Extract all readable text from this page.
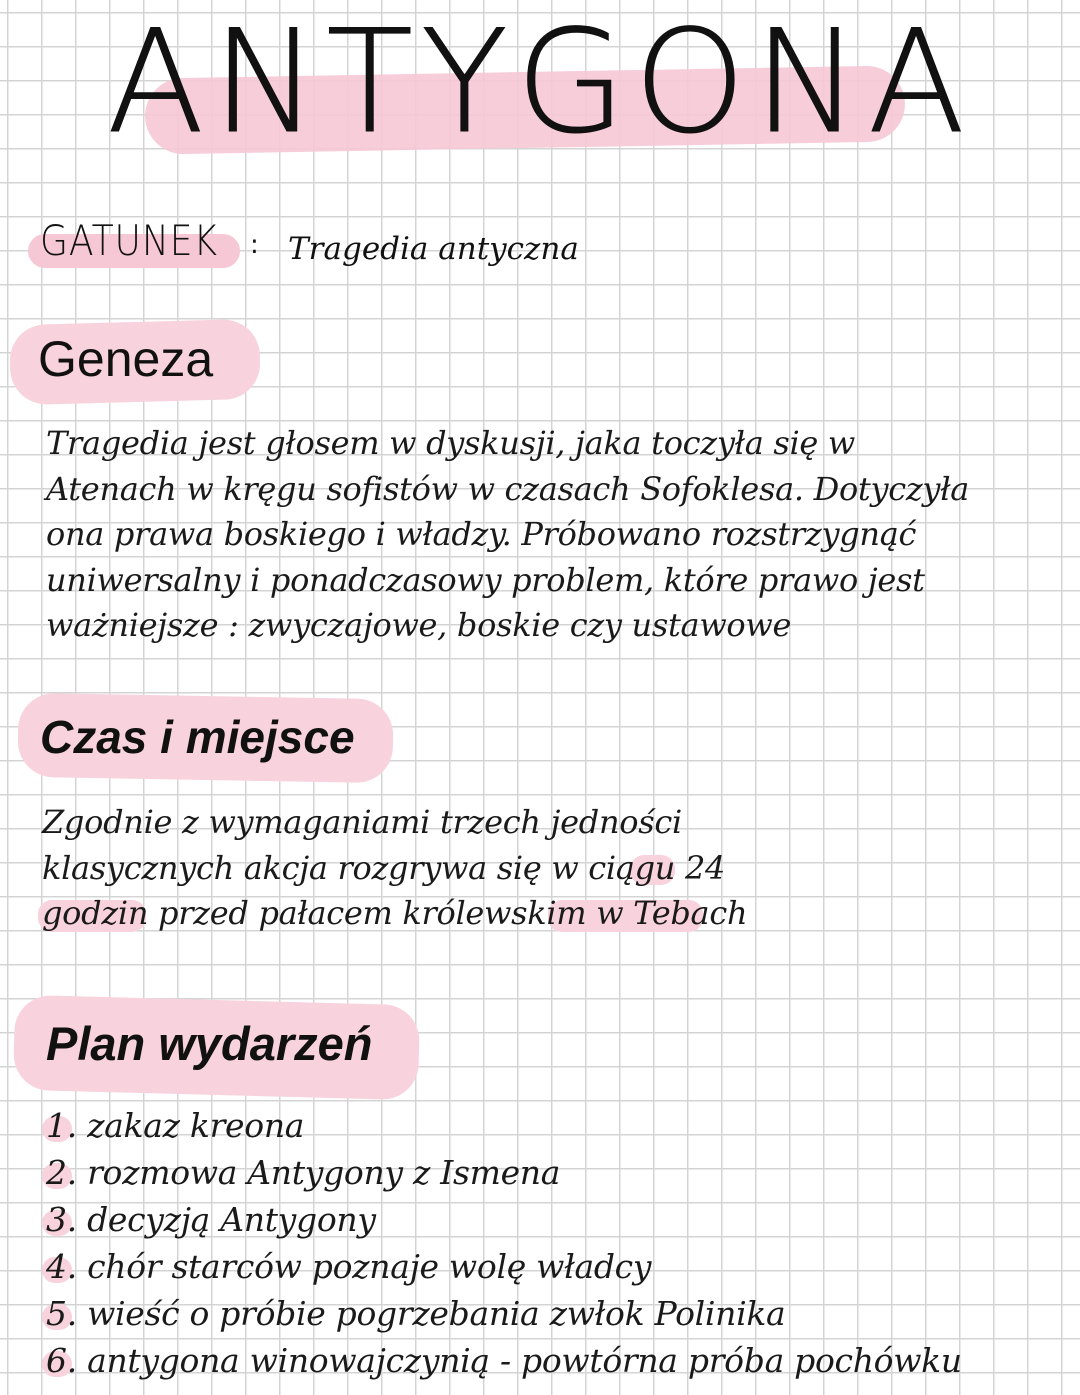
ANTYGONA
GATUNEK : Tragedia antyczna
Geneza
Tragedia jest głosem w dyskusji, jaka toczyła się w
Atenach w kręgu sofistów w czasach Sofoklesa. Dotyczyła
ona prawa boskiego i władzy. Próbowano rozstrzygnąć
uniwersalny i ponadczasowy problem, które prawo jest
ważniejsze : zwyczajowe, boskie czy ustawowe
Czas i miejsce
Zgodnie z wymaganiami trzech jedności
klasycznych akcja rozgrywa się w ciągu 24
godzin przed pałacem królewskim w Tebach
Plan wydarzeń
1. zakaz kreona
2. rozmowa Antygony z Ismena
3. decyzją Antygony
4. chór starców poznaje wolę władcy
5. wieść o próbie pogrzebania zwłok Polinika
6. antygona winowajczynią - powtórna próba pochówku
